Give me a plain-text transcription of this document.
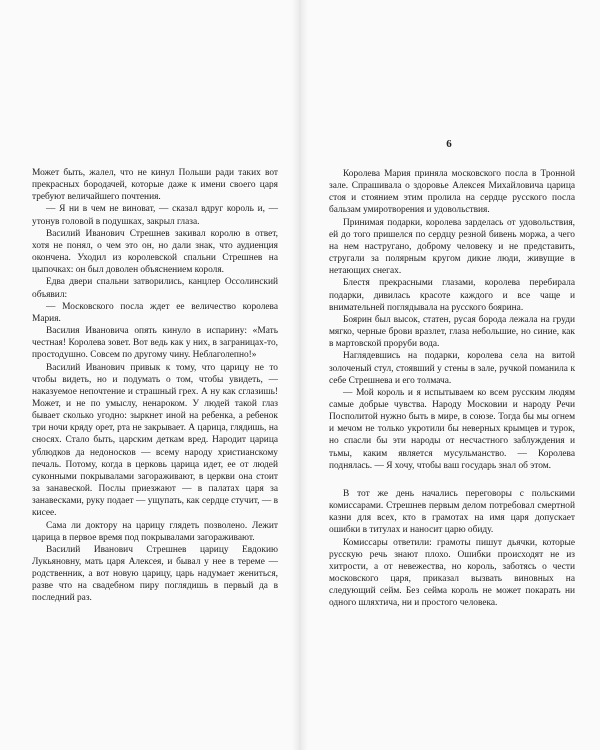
Может быть, жалел, что не кинул Польши ради таких вот прекрасных бородачей, которые даже к имени своего царя требуют величайшего почтения.

— Я ни в чем не виноват, — сказал вдруг король и, — утонув головой в подушках, закрыл глаза.

Василий Иванович Стрешнев закивал королю в ответ, хотя не понял, о чем это он, но дали знак, что аудиенция окончена. Уходил из королевской спальни Стрешнев на цыпочках: он был доволен объяснением короля.

Едва двери спальни затворились, канцлер Оссолинский объявил:

— Московского посла ждет ее величество королева Мария.

Василия Ивановича опять кинуло в испарину: «Мать честная! Королева зовет. Вот ведь как у них, в заграницах-то, простодушно. Совсем по другому чину. Неблаголепно!»

Василий Иванович привык к тому, что царицу не то чтобы видеть, но и подумать о том, чтобы увидеть, — наказуемое непочтение и страшный грех. А ну как сглазишь! Может, и не по умыслу, ненароком. У людей такой глаз бывает сколько угодно: зыркнет иной на ребенка, а ребенок три ночи кряду орет, рта не закрывает. А царица, глядишь, на сносях. Стало быть, царским деткам вред. Народит царица ублюдков да недоносков — всему народу христианскому печаль. Потому, когда в церковь царица идет, ее от людей суконными покрывалами загораживают, в церкви она стоит за занавеской. Послы приезжают — в палатах царя за занавесками, руку подает — ущупать, как сердце стучит, — в кисее.

Сама ли доктору на царицу глядеть позволено. Лежит царица в первое время под покрывалами загораживают.

Василий Иванович Стрешнев царицу Евдокию Лукьяновну, мать царя Алексея, и бывал у нее в тереме — родственник, а вот новую царицу, царь надумает жениться, разве что на свадебном пиру поглядишь в первый да в последний раз.

6

Королева Мария приняла московского посла в Тронной зале. Спрашивала о здоровье Алексея Михайловича царица стоя и стоянием этим пролила на сердце русского посла бальзам умиротворения и удовольствия.

Принимая подарки, королева зарделась от удовольствия, ей до того пришелся по сердцу резной бивень моржа, а чего на нем настругано, доброму человеку и не представить, стругали за полярным кругом дикие люди, живущие в нетающих снегах.

Блестя прекрасными глазами, королева перебирала подарки, дивилась красоте каждого и все чаще и внимательней поглядывала на русского боярина.

Боярин был высок, статен, русая борода лежала на груди мягко, черные брови вразлет, глаза небольшие, но синие, как в мартовской проруби вода.

Наглядевшись на подарки, королева села на витой золоченый стул, стоявший у стены в зале, ручкой поманила к себе Стрешнева и его толмача.

— Мой король и я испытываем ко всем русским людям самые добрые чувства. Народу Московии и народу Речи Посполитой нужно быть в мире, в союзе. Тогда бы мы огнем и мечом не только укротили бы неверных крымцев и турок, но спасли бы эти народы от несчастного заблуждения и тьмы, каким является мусульманство. — Королева поднялась. — Я хочу, чтобы ваш государь знал об этом.

В тот же день начались переговоры с польскими комиссарами. Стрешнев первым делом потребовал смертной казни для всех, кто в грамотах на имя царя допускает ошибки в титулах и наносит царю обиду.

Комиссары ответили: грамоты пишут дьячки, которые русскую речь знают плохо. Ошибки происходят не из хитрости, а от невежества, но король, заботясь о чести московского царя, приказал вызвать виновных на следующий сейм. Без сейма король не может покарать ни одного шляхтича, ни и простого человека.
